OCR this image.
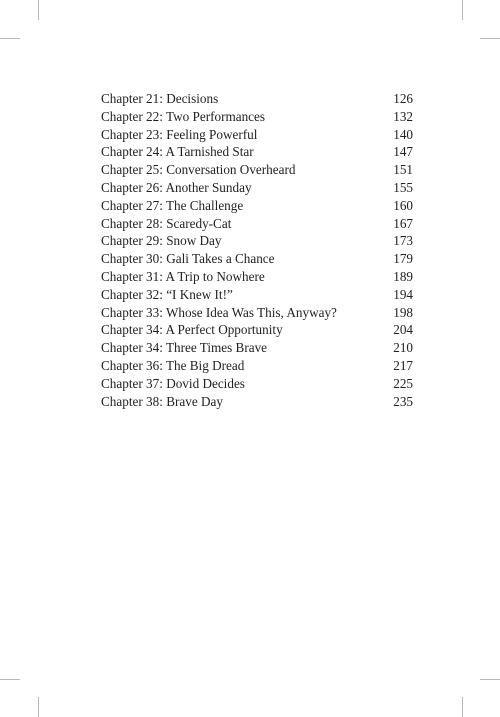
Chapter 21: Decisions	126
Chapter 22: Two Performances	132
Chapter 23: Feeling Powerful	140
Chapter 24: A Tarnished Star	147
Chapter 25: Conversation Overheard	151
Chapter 26: Another Sunday	155
Chapter 27: The Challenge	160
Chapter 28: Scaredy-Cat	167
Chapter 29: Snow Day	173
Chapter 30: Gali Takes a Chance	179
Chapter 31: A Trip to Nowhere	189
Chapter 32: “I Knew It!”	194
Chapter 33: Whose Idea Was This, Anyway?	198
Chapter 34: A Perfect Opportunity	204
Chapter 34: Three Times Brave	210
Chapter 36: The Big Dread	217
Chapter 37: Dovid Decides	225
Chapter 38: Brave Day	235
